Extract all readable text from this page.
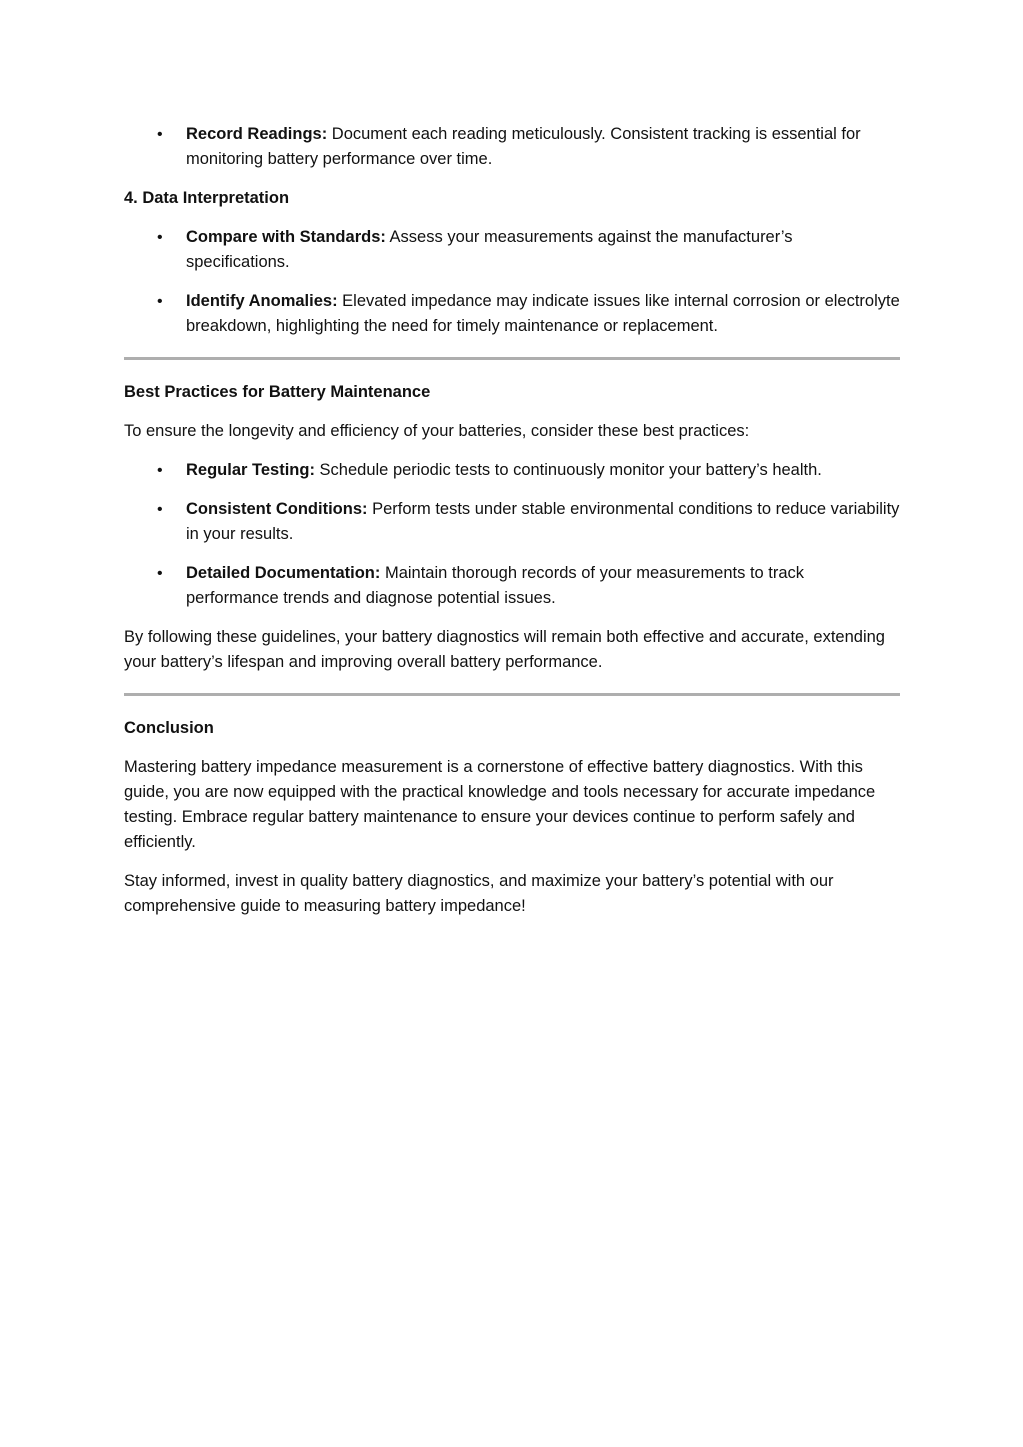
• Record Readings: Document each reading meticulously. Consistent tracking is essential for monitoring battery performance over time.
4. Data Interpretation
• Compare with Standards: Assess your measurements against the manufacturer’s specifications.
• Identify Anomalies: Elevated impedance may indicate issues like internal corrosion or electrolyte breakdown, highlighting the need for timely maintenance or replacement.
Best Practices for Battery Maintenance

To ensure the longevity and efficiency of your batteries, consider these best practices:

• Regular Testing: Schedule periodic tests to continuously monitor your battery’s health.
• Consistent Conditions: Perform tests under stable environmental conditions to reduce variability in your results.
• Detailed Documentation: Maintain thorough records of your measurements to track performance trends and diagnose potential issues.

By following these guidelines, your battery diagnostics will remain both effective and accurate, extending your battery’s lifespan and improving overall battery performance.

Conclusion

Mastering battery impedance measurement is a cornerstone of effective battery diagnostics. With this guide, you are now equipped with the practical knowledge and tools necessary for accurate impedance testing. Embrace regular battery maintenance to ensure your devices continue to perform safely and efficiently.

Stay informed, invest in quality battery diagnostics, and maximize your battery’s potential with our comprehensive guide to measuring battery impedance!
